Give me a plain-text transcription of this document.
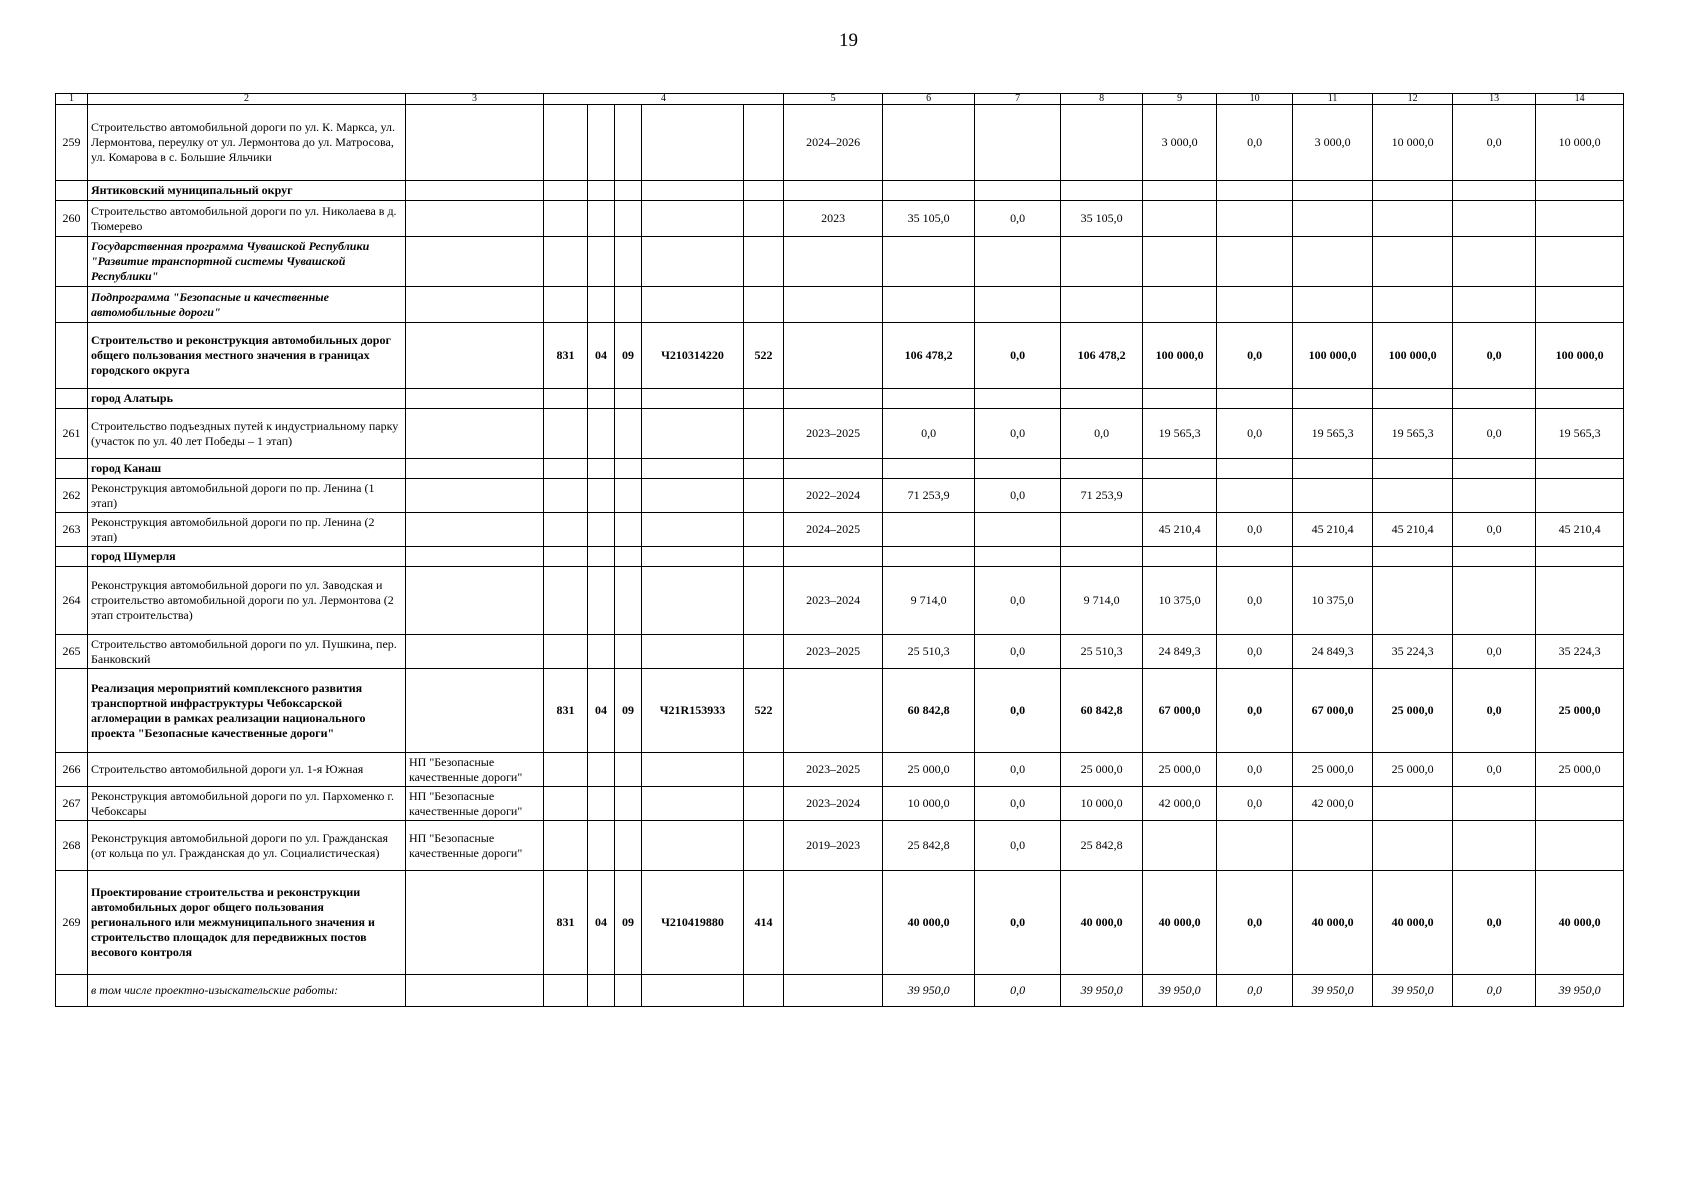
19
1	2	3	4					5	6	7	8	9	10	11	12	13	14
259	Строительство автомобильной дороги по ул. К. Маркса, ул. Лермонтова, переулку от ул. Лермонтова до ул. Матросова, ул. Комарова в с. Большие Яльчики							2024–2026				3 000,0	0,0	3 000,0	10 000,0	0,0	10 000,0
	Янтиковский муниципальный округ																
260	Строительство автомобильной дороги по ул. Николаева в д. Тюмерево							2023	35 105,0	0,0	35 105,0						
	Государственная программа Чувашской Республики "Развитие транспортной системы Чувашской Республики"																
	Подпрограмма "Безопасные и качественные автомобильные дороги"																
	Строительство и реконструкция автомобильных дорог общего пользования местного значения в границах городского округа		831	04	09	Ч210314220	522		106 478,2	0,0	106 478,2	100 000,0	0,0	100 000,0	100 000,0	0,0	100 000,0
	город Алатырь																
261	Строительство подъездных путей к индустриальному парку (участок по ул. 40 лет Победы – 1 этап)							2023–2025	0,0	0,0	0,0	19 565,3	0,0	19 565,3	19 565,3	0,0	19 565,3
	город Канаш																
262	Реконструкция автомобильной дороги по пр. Ленина (1 этап)							2022–2024	71 253,9	0,0	71 253,9						
263	Реконструкция автомобильной дороги по пр. Ленина (2 этап)							2024–2025				45 210,4	0,0	45 210,4	45 210,4	0,0	45 210,4
	город Шумерля																
264	Реконструкция автомобильной дороги по ул. Заводская и строительство автомобильной дороги по ул. Лермонтова (2 этап строительства)							2023–2024	9 714,0	0,0	9 714,0	10 375,0	0,0	10 375,0			
265	Строительство автомобильной дороги по ул. Пушкина, пер. Банковский							2023–2025	25 510,3	0,0	25 510,3	24 849,3	0,0	24 849,3	35 224,3	0,0	35 224,3
	Реализация мероприятий комплексного развития транспортной инфраструктуры Чебоксарской агломерации в рамках реализации национального проекта "Безопасные качественные дороги"		831	04	09	Ч21R153933	522		60 842,8	0,0	60 842,8	67 000,0	0,0	67 000,0	25 000,0	0,0	25 000,0
266	Строительство автомобильной дороги ул. 1-я Южная	НП "Безопасные качественные дороги"						2023–2025	25 000,0	0,0	25 000,0	25 000,0	0,0	25 000,0	25 000,0	0,0	25 000,0
267	Реконструкция автомобильной дороги по ул. Пархоменко г. Чебоксары	НП "Безопасные качественные дороги"						2023–2024	10 000,0	0,0	10 000,0	42 000,0	0,0	42 000,0			
268	Реконструкция автомобильной дороги по ул. Гражданская (от кольца по ул. Гражданская до ул. Социалистическая)	НП "Безопасные качественные дороги"						2019–2023	25 842,8	0,0	25 842,8						
269	Проектирование строительства и реконструкции автомобильных дорог общего пользования регионального или межмуниципального значения и строительство площадок для передвижных постов весового контроля		831	04	09	Ч210419880	414		40 000,0	0,0	40 000,0	40 000,0	0,0	40 000,0	40 000,0	0,0	40 000,0
	в том числе проектно-изыскательские работы:								39 950,0	0,0	39 950,0	39 950,0	0,0	39 950,0	39 950,0	0,0	39 950,0
